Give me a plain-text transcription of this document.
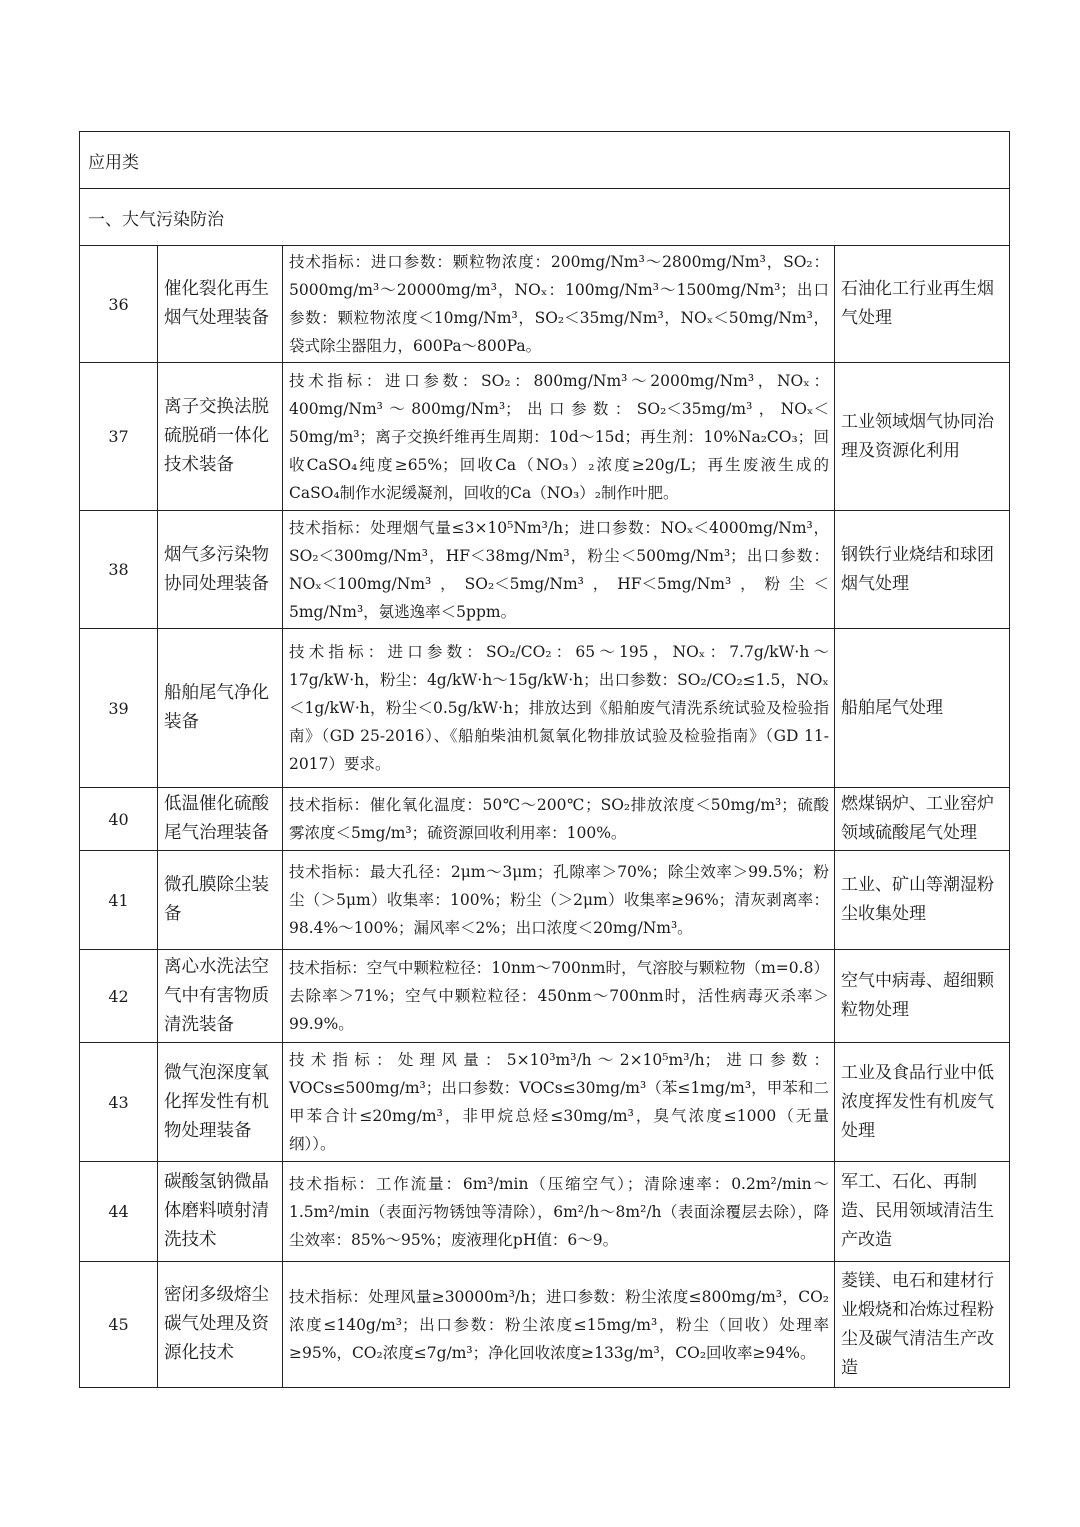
应用类			
一、大气污染防治			
36	催化裂化再生烟气处理装备	技术指标：进口参数：颗粒物浓度：200mg/Nm³～2800mg/Nm³，SO₂：5000mg/m³～20000mg/m³，NOₓ：100mg/Nm³～1500mg/Nm³；出口参数：颗粒物浓度＜10mg/Nm³，SO₂＜35mg/Nm³，NOₓ＜50mg/Nm³，袋式除尘器阻力，600Pa～800Pa。	石油化工行业再生烟气处理
37	离子交换法脱硫脱硝一体化技术装备	技术指标：进口参数：SO₂：800mg/Nm³～2000mg/Nm³，NOₓ：400mg/Nm³～800mg/Nm³；出口参数：SO₂＜35mg/m³，NOₓ＜50mg/m³；离子交换纤维再生周期：10d～15d；再生剂：10%Na₂CO₃；回收CaSO₄纯度≥65%；回收Ca（NO₃）₂浓度≥20g/L；再生废液生成的CaSO₄制作水泥缓凝剂，回收的Ca（NO₃）₂制作叶肥。	工业领域烟气协同治理及资源化利用
38	烟气多污染物协同处理装备	技术指标：处理烟气量≤3×10⁵Nm³/h；进口参数：NOₓ＜4000mg/Nm³，SO₂＜300mg/Nm³，HF＜38mg/Nm³，粉尘＜500mg/Nm³；出口参数：NOₓ＜100mg/Nm³，SO₂＜5mg/Nm³，HF＜5mg/Nm³，粉尘＜5mg/Nm³，氨逃逸率＜5ppm。	钢铁行业烧结和球团烟气处理
39	船舶尾气净化装备	技术指标：进口参数：SO₂/CO₂：65～195，NOₓ：7.7g/kW·h～17g/kW·h，粉尘：4g/kW·h～15g/kW·h；出口参数：SO₂/CO₂≤1.5，NOₓ＜1g/kW·h，粉尘＜0.5g/kW·h；排放达到《船舶废气清洗系统试验及检验指南》（GD 25-2016）、《船舶柴油机氮氧化物排放试验及检验指南》（GD 11-2017）要求。	船舶尾气处理
40	低温催化硫酸尾气治理装备	技术指标：催化氧化温度：50℃～200℃；SO₂排放浓度＜50mg/m³；硫酸雾浓度＜5mg/m³；硫资源回收利用率：100%。	燃煤锅炉、工业窑炉领域硫酸尾气处理
41	微孔膜除尘装备	技术指标：最大孔径：2μm～3μm；孔隙率＞70%；除尘效率＞99.5%；粉尘（＞5μm）收集率：100%；粉尘（＞2μm）收集率≥96%；清灰剥离率：98.4%～100%；漏风率＜2%；出口浓度＜20mg/Nm³。	工业、矿山等潮湿粉尘收集处理
42	离心水洗法空气中有害物质清洗装备	技术指标：空气中颗粒粒径：10nm～700nm时，气溶胶与颗粒物（m=0.8）去除率＞71%；空气中颗粒粒径：450nm～700nm时，活性病毒灭杀率＞99.9%。	空气中病毒、超细颗粒物处理
43	微气泡深度氧化挥发性有机物处理装备	技术指标：处理风量：5×10³m³/h～2×10⁵m³/h；进口参数：VOCs≤500mg/m³；出口参数：VOCs≤30mg/m³（苯≤1mg/m³，甲苯和二甲苯合计≤20mg/m³，非甲烷总烃≤30mg/m³，臭气浓度≤1000（无量纲））。	工业及食品行业中低浓度挥发性有机废气处理
44	碳酸氢钠微晶体磨料喷射清洗技术	技术指标：工作流量：6m³/min（压缩空气）；清除速率：0.2m²/min～1.5m²/min（表面污物锈蚀等清除），6m²/h～8m²/h（表面涂覆层去除），降尘效率：85%～95%；废液理化pH值：6～9。	军工、石化、再制造、民用领域清洁生产改造
45	密闭多级熔尘碳气处理及资源化技术	技术指标：处理风量≥30000m³/h；进口参数：粉尘浓度≤800mg/m³，CO₂浓度≤140g/m³；出口参数：粉尘浓度≤15mg/m³，粉尘（回收）处理率≥95%，CO₂浓度≤7g/m³；净化回收浓度≥133g/m³，CO₂回收率≥94%。	菱镁、电石和建材行业煅烧和冶炼过程粉尘及碳气清洁生产改造
